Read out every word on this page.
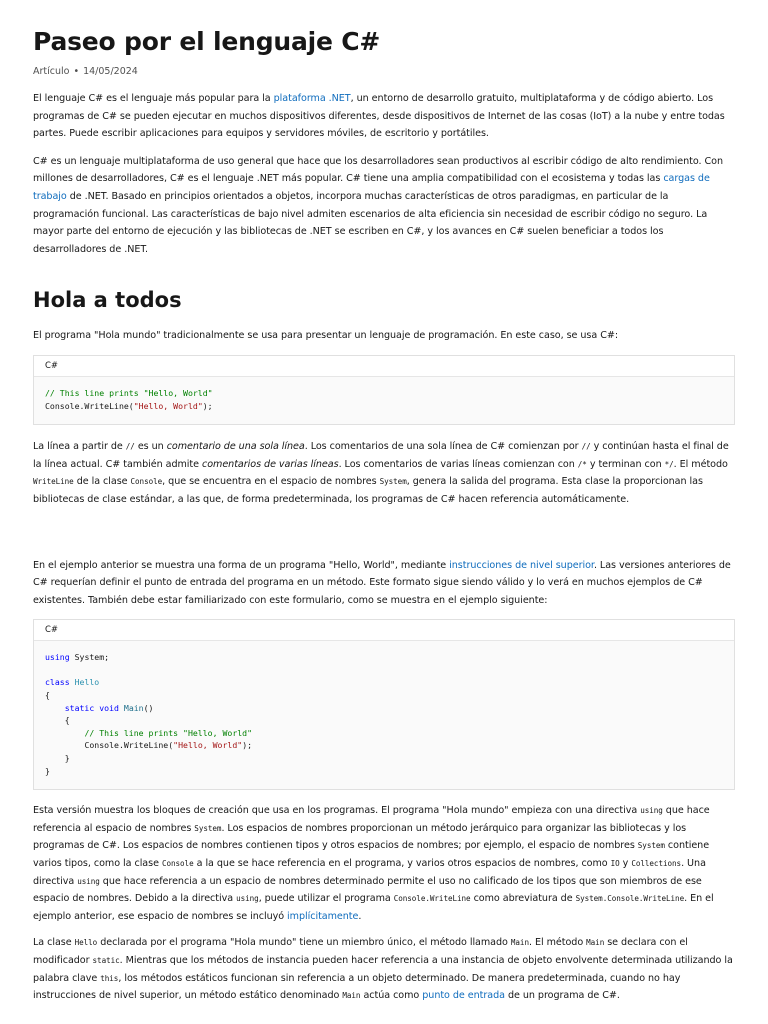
Paseo por el lenguaje C#
Artículo • 14/05/2024

El lenguaje C# es el lenguaje más popular para la plataforma .NET, un entorno de desarrollo gratuito, multiplataforma y de código abierto. Los programas de C# se pueden ejecutar en muchos dispositivos diferentes, desde dispositivos de Internet de las cosas (IoT) a la nube y entre todas partes. Puede escribir aplicaciones para equipos y servidores móviles, de escritorio y portátiles.

C# es un lenguaje multiplataforma de uso general que hace que los desarrolladores sean productivos al escribir código de alto rendimiento. Con millones de desarrolladores, C# es el lenguaje .NET más popular. C# tiene una amplia compatibilidad con el ecosistema y todas las cargas de trabajo de .NET. Basado en principios orientados a objetos, incorpora muchas características de otros paradigmas, en particular de la programación funcional. Las características de bajo nivel admiten escenarios de alta eficiencia sin necesidad de escribir código no seguro. La mayor parte del entorno de ejecución y las bibliotecas de .NET se escriben en C#, y los avances en C# suelen beneficiar a todos los desarrolladores de .NET.

Hola a todos

El programa "Hola mundo" tradicionalmente se usa para presentar un lenguaje de programación. En este caso, se usa C#:

C#
// This line prints "Hello, World"
Console.WriteLine("Hello, World");

La línea a partir de // es un comentario de una sola línea. Los comentarios de una sola línea de C# comienzan por // y continúan hasta el final de la línea actual. C# también admite comentarios de varias líneas. Los comentarios de varias líneas comienzan con /* y terminan con */. El método WriteLine de la clase Console, que se encuentra en el espacio de nombres System, genera la salida del programa. Esta clase la proporcionan las bibliotecas de clase estándar, a las que, de forma predeterminada, los programas de C# hacen referencia automáticamente.

En el ejemplo anterior se muestra una forma de un programa "Hello, World", mediante instrucciones de nivel superior. Las versiones anteriores de C# requerían definir el punto de entrada del programa en un método. Este formato sigue siendo válido y lo verá en muchos ejemplos de C# existentes. También debe estar familiarizado con este formulario, como se muestra en el ejemplo siguiente:

C#
using System;

class Hello
{
static void Main()
{
// This line prints "Hello, World"
Console.WriteLine("Hello, World");
}
}

Esta versión muestra los bloques de creación que usa en los programas. El programa "Hola mundo" empieza con una directiva using que hace referencia al espacio de nombres System. Los espacios de nombres proporcionan un método jerárquico para organizar las bibliotecas y los programas de C#. Los espacios de nombres contienen tipos y otros espacios de nombres; por ejemplo, el espacio de nombres System contiene varios tipos, como la clase Console a la que se hace referencia en el programa, y varios otros espacios de nombres, como IO y Collections. Una directiva using que hace referencia a un espacio de nombres determinado permite el uso no calificado de los tipos que son miembros de ese espacio de nombres. Debido a la directiva using, puede utilizar el programa Console.WriteLine como abreviatura de System.Console.WriteLine. En el ejemplo anterior, ese espacio de nombres se incluyó implícitamente.

La clase Hello declarada por el programa "Hola mundo" tiene un miembro único, el método llamado Main. El método Main se declara con el modificador static. Mientras que los métodos de instancia pueden hacer referencia a una instancia de objeto envolvente determinada utilizando la palabra clave this, los métodos estáticos funcionan sin referencia a un objeto determinado. De manera predeterminada, cuando no hay instrucciones de nivel superior, un método estático denominado Main actúa como punto de entrada de un programa de C#.
